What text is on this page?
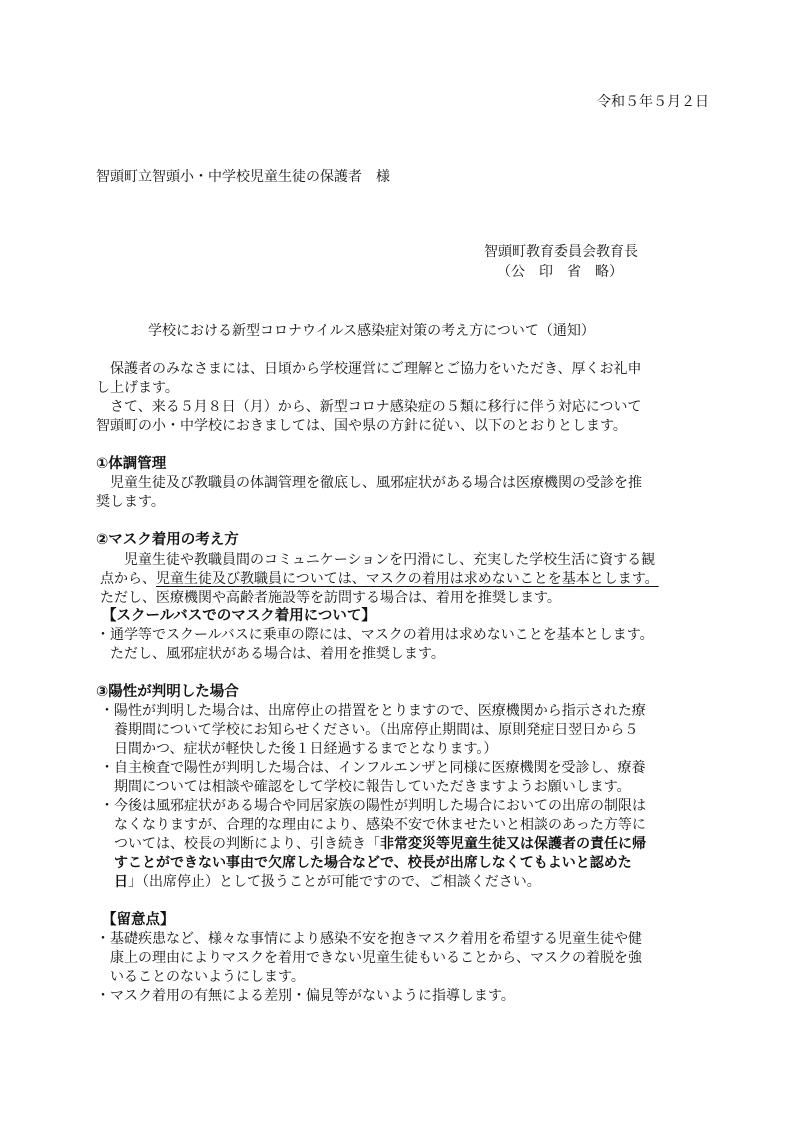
令和５年５月２日
智頭町立智頭小・中学校児童生徒の保護者　様
智頭町教育委員会教育長
（公　印　省　略）
学校における新型コロナウイルス感染症対策の考え方について（通知）
保護者のみなさまには、日頃から学校運営にご理解とご協力をいただき、厚くお礼申
し上げます。
さて、来る５月８日（月）から、新型コロナ感染症の５類に移行に伴う対応について
智頭町の小・中学校におきましては、国や県の方針に従い、以下のとおりとします。
①体調管理
児童生徒及び教職員の体調管理を徹底し、風邪症状がある場合は医療機関の受診を推
奨します。
②マスク着用の考え方
児童生徒や教職員間のコミュニケーションを円滑にし、充実した学校生活に資する観
点から、児童生徒及び教職員については、マスクの着用は求めないことを基本とします。
ただし、医療機関や高齢者施設等を訪問する場合は、着用を推奨します。
【スクールバスでのマスク着用について】
・通学等でスクールバスに乗車の際には、マスクの着用は求めないことを基本とします。
ただし、風邪症状がある場合は、着用を推奨します。
③陽性が判明した場合
・陽性が判明した場合は、出席停止の措置をとりますので、医療機関から指示された療
養期間について学校にお知らせください。（出席停止期間は、原則発症日翌日から５
日間かつ、症状が軽快した後１日経過するまでとなります。）
・自主検査で陽性が判明した場合は、インフルエンザと同様に医療機関を受診し、療養
期間については相談や確認をして学校に報告していただきますようお願いします。
・今後は風邪症状がある場合や同居家族の陽性が判明した場合においての出席の制限は
なくなりますが、合理的な理由により、感染不安で休ませたいと相談のあった方等に
ついては、校長の判断により、引き続き「非常変災等児童生徒又は保護者の責任に帰
すことができない事由で欠席した場合などで、校長が出席しなくてもよいと認めた
日」（出席停止）として扱うことが可能ですので、ご相談ください。
【留意点】
・基礎疾患など、様々な事情により感染不安を抱きマスク着用を希望する児童生徒や健
康上の理由によりマスクを着用できない児童生徒もいることから、マスクの着脱を強
いることのないようにします。
・マスク着用の有無による差別・偏見等がないように指導します。
